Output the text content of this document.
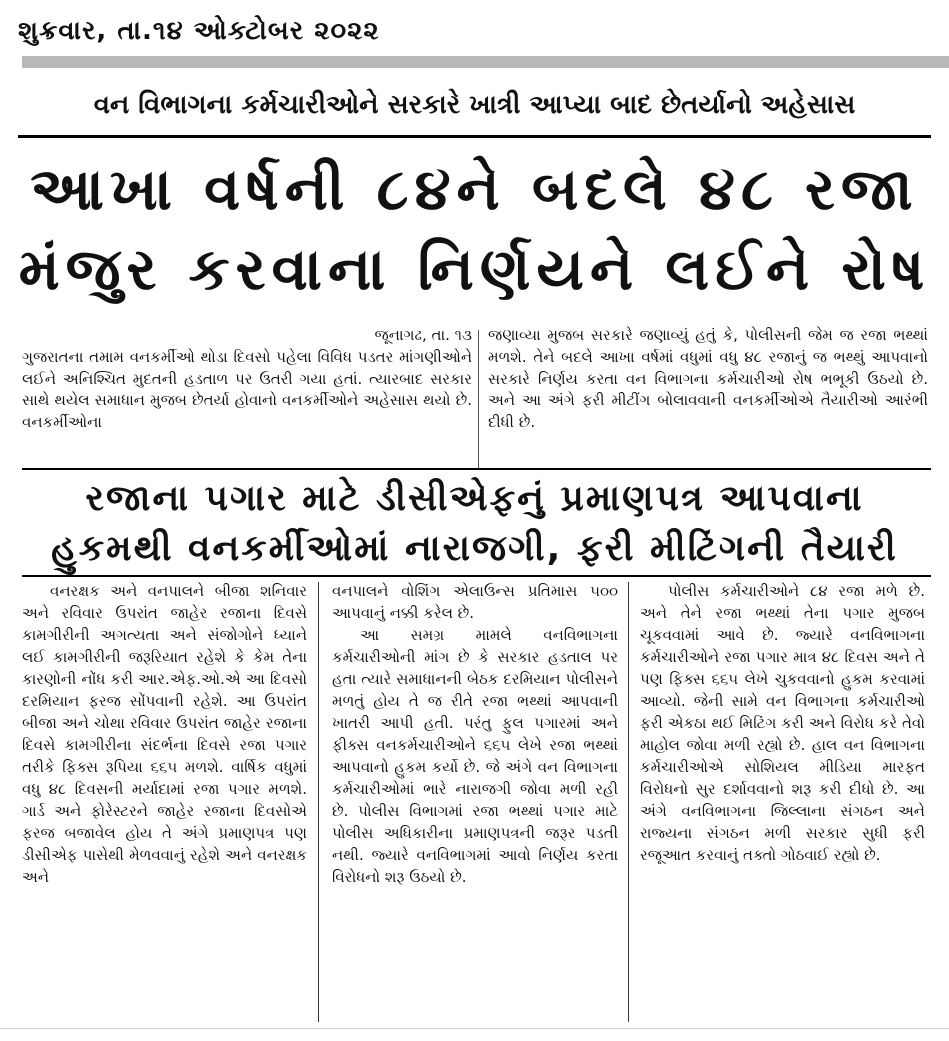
શુક્રવાર, તા.૧૪ ઓક્ટોબર ૨૦૨૨
વન વિભાગના કર્મચારીઓને સરકારે ખાત્રી આપ્યા બાદ છેતર્યાનો અહેસાસ
આખા વર્ષની ૮૪ને બદલે ૪૮ રજા
મંજુર કરવાના નિર્ણયને લઈને રોષ
જૂનાગઢ, તા. ૧૩
ગુજરાતના તમામ વનકર્મીઓ થોડા દિવસો પહેલા વિવિધ પડતર માંગણીઓને લઈને અનિશ્ચિત મુદતની હડતાળ પર ઉતરી ગયા હતાં. ત્યારબાદ સરકાર સાથે થયેલ સમાધાન મુજબ છેતર્યા હોવાનો વનકર્મીઓને અહેસાસ થયો છે. વનકર્મીઓના
જણાવ્યા મુજબ સરકારે જણાવ્યું હતું કે, પોલીસની જેમ જ રજા ભથ્થાં મળશે. તેને બદલે આખા વર્ષમાં વધુમાં વધુ ૪૮ રજાનું જ ભથ્થું આપવાનો સરકારે નિર્ણય કરતા વન વિભાગના કર્મચારીઓ રોષ ભભૂકી ઉઠયો છે. અને આ અંગે ફરી મીટીંગ બોલાવવાની વનકર્મીઓએ તૈયારીઓ આરંભી દીધી છે.
રજાના પગાર માટે ડીસીએફનું પ્રમાણપત્ર આપવાના
હુકમથી વનકર્મીઓમાં નારાજગી, ફરી મીટિંગની તૈયારી

વનરક્ષક અને વનપાલને બીજા શનિવાર અને રવિવાર ઉપરાંત જાહેર રજાના દિવસે કામગીરીની અગત્યતા અને સંજોગોને ધ્યાને લઈ કામગીરીની જરૂરિયાત રહેશે કે કેમ તેના કારણોની નોંધ કરી આર.એફ.ઓ.એ આ દિવસો દરમિયાન ફરજ સોંપવાની રહેશે. આ ઉપરાંત બીજા અને ચોથા રવિવાર ઉપરાંત જાહેર રજાના દિવસે કામગીરીના સંદર્ભના દિવસે રજા પગાર તરીકે ફિક્સ રૂપિયા ૬૬૫ મળશે. વાર્ષિક વધુમાં વધુ ૪૮ દિવસની મર્યાદામાં રજા પગાર મળશે. ગાર્ડ અને ફોરેસ્ટરને જાહેર રજાના દિવસોએ ફરજ બજાવેલ હોય તે અંગે પ્રમાણપત્ર પણ ડીસીએફ પાસેથી મેળવવાનું રહેશે અને વનરક્ષક અને

વનપાલને વોશિંગ એલાઉન્સ પ્રતિમાસ ૫૦૦ આપવાનું નક્કી કરેલ છે.

આ સમગ્ર મામલે વનવિભાગના કર્મચારીઓની માંગ છે કે સરકાર હડતાલ પર હતા ત્યારે સમાધાનની બેઠક દરમિયાન પોલીસને મળતું હોય તે જ રીતે રજા ભથ્થાં આપવાની ખાતરી આપી હતી. પરંતુ ફુલ પગારમાં અને ફીક્સ વનકર્મચારીઓને ૬૬૫ લેખે રજા ભથ્થાં આપવાનો હુકમ કર્યો છે. જે અંગે વન વિભાગના કર્મચારીઓમાં ભારે નારાજગી જોવા મળી રહી છે. પોલીસ વિભાગમાં રજા ભથ્થાં પગાર માટે પોલીસ અધિકારીના પ્રમાણપત્રની જરૂર પડતી નથી. જ્યારે વનવિભાગમાં આવો નિર્ણય કરતા વિરોધનો શરૂ ઉઠયો છે.

પોલીસ કર્મચારીઓને ૮૪ રજા મળે છે. અને તેને રજા ભથ્થાં તેના પગાર મુજબ ચૂકવવામાં આવે છે. જ્યારે વનવિભાગના કર્મચારીઓને રજા પગાર માત્ર ૪૮ દિવસ અને તે પણ ફિક્સ ૬૬૫ લેખે ચુકવવાનો હુકમ કરવામાં આવ્યો. જેની સામે વન વિભાગના કર્મચારીઓ ફરી એકઠા થઈ મિટિંગ કરી અને વિરોધ કરે તેવો માહોલ જોવા મળી રહ્યો છે. હાલ વન વિભાગના કર્મચારીઓએ સોશિયલ મીડિયા મારફત વિરોધનો સુર દર્શાવવાનો શરૂ કરી દીધો છે. આ અંગે વનવિભાગના જિલ્લાના સંગઠન અને રાજ્યના સંગઠન મળી સરકાર સુધી ફરી રજૂઆત કરવાનું તક્તો ગોઠવાઈ રહ્યો છે.
